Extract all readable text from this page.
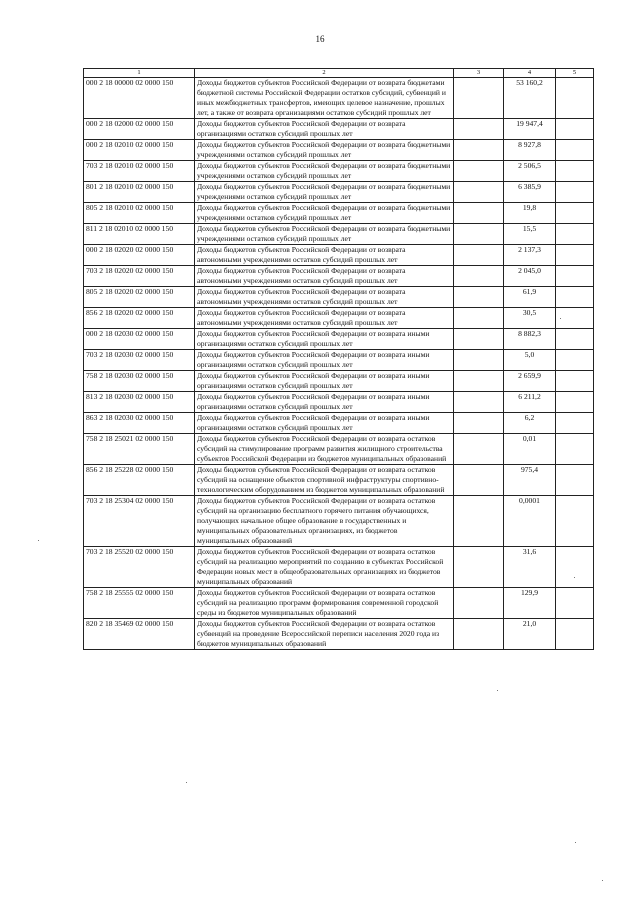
16
1	2	3	4	5
000 2 18 00000 02 0000 150	Доходы бюджетов субъектов Российской Федерации от возврата бюджетами бюджетной системы Российской Федерации остатков субсидий, субвенций и иных межбюджетных трансфертов, имеющих целевое назначение, прошлых лет, а также от возврата организациями остатков субсидий прошлых лет		53 160,2	
000 2 18 02000 02 0000 150	Доходы бюджетов субъектов Российской Федерации от возврата организациями остатков субсидий прошлых лет		19 947,4	
000 2 18 02010 02 0000 150	Доходы бюджетов субъектов Российской Федерации от возврата бюджетными учреждениями остатков субсидий прошлых лет		8 927,8	
703 2 18 02010 02 0000 150	Доходы бюджетов субъектов Российской Федерации от возврата бюджетными учреждениями остатков субсидий прошлых лет		2 506,5	
801 2 18 02010 02 0000 150	Доходы бюджетов субъектов Российской Федерации от возврата бюджетными учреждениями остатков субсидий прошлых лет		6 385,9	
805 2 18 02010 02 0000 150	Доходы бюджетов субъектов Российской Федерации от возврата бюджетными учреждениями остатков субсидий прошлых лет		19,8	
811 2 18 02010 02 0000 150	Доходы бюджетов субъектов Российской Федерации от возврата бюджетными учреждениями остатков субсидий прошлых лет		15,5	
000 2 18 02020 02 0000 150	Доходы бюджетов субъектов Российской Федерации от возврата автономными учреждениями остатков субсидий прошлых лет		2 137,3	
703 2 18 02020 02 0000 150	Доходы бюджетов субъектов Российской Федерации от возврата автономными учреждениями остатков субсидий прошлых лет		2 045,0	
805 2 18 02020 02 0000 150	Доходы бюджетов субъектов Российской Федерации от возврата автономными учреждениями остатков субсидий прошлых лет		61,9	
856 2 18 02020 02 0000 150	Доходы бюджетов субъектов Российской Федерации от возврата автономными учреждениями остатков субсидий прошлых лет		30,5	
000 2 18 02030 02 0000 150	Доходы бюджетов субъектов Российской Федерации от возврата иными организациями остатков субсидий прошлых лет		8 882,3	
703 2 18 02030 02 0000 150	Доходы бюджетов субъектов Российской Федерации от возврата иными организациями остатков субсидий прошлых лет		5,0	
758 2 18 02030 02 0000 150	Доходы бюджетов субъектов Российской Федерации от возврата иными организациями остатков субсидий прошлых лет		2 659,9	
813 2 18 02030 02 0000 150	Доходы бюджетов субъектов Российской Федерации от возврата иными организациями остатков субсидий прошлых лет		6 211,2	
863 2 18 02030 02 0000 150	Доходы бюджетов субъектов Российской Федерации от возврата иными организациями остатков субсидий прошлых лет		6,2	
758 2 18 25021 02 0000 150	Доходы бюджетов субъектов Российской Федерации от возврата остатков субсидий на стимулирование программ развития жилищного строительства субъектов Российской Федерации из бюджетов муниципальных образований		0,01	
856 2 18 25228 02 0000 150	Доходы бюджетов субъектов Российской Федерации от возврата остатков субсидий на оснащение объектов спортивной инфраструктуры спортивно-технологическим оборудованием из бюджетов муниципальных образований		975,4	
703 2 18 25304 02 0000 150	Доходы бюджетов субъектов Российской Федерации от возврата остатков субсидий на организацию бесплатного горячего питания обучающихся, получающих начальное общее образование в государственных и муниципальных образовательных организациях, из бюджетов муниципальных образований		0,0001	
703 2 18 25520 02 0000 150	Доходы бюджетов субъектов Российской Федерации от возврата остатков субсидий на реализацию мероприятий по созданию в субъектах Российской Федерации новых мест в общеобразовательных организациях из бюджетов муниципальных образований		31,6	
758 2 18 25555 02 0000 150	Доходы бюджетов субъектов Российской Федерации от возврата остатков субсидий на реализацию программ формирования современной городской среды из бюджетов муниципальных образований		129,9	
820 2 18 35469 02 0000 150	Доходы бюджетов субъектов Российской Федерации от возврата остатков субвенций на проведение Всероссийской переписи населения 2020 года из бюджетов муниципальных образований		21,0	
